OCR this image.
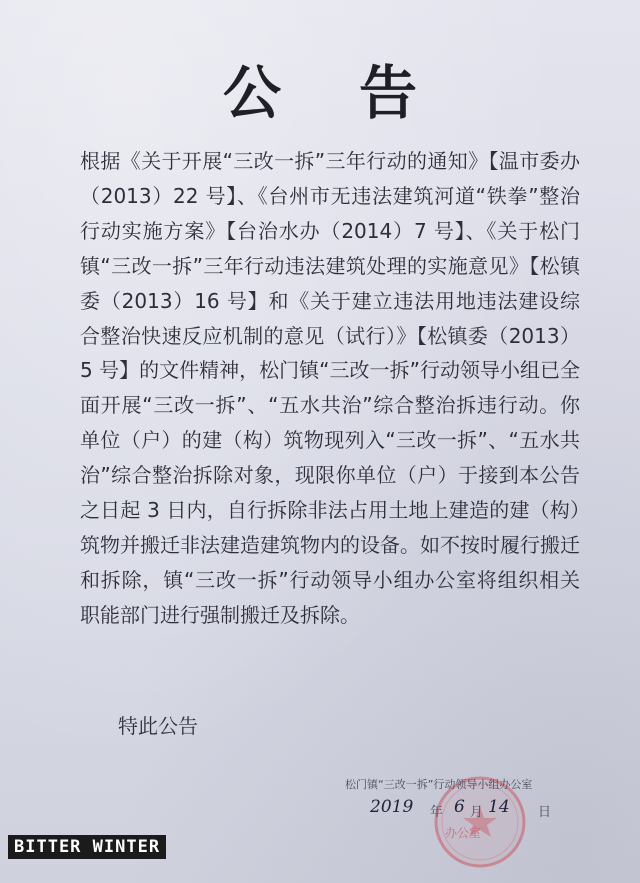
公告

根据《关于开展“三改一拆”三年行动的通知》【温市委办（2013）22 号】、《台州市无违法建筑河道“铁拳”整治行动实施方案》【台治水办（2014）7 号】、《关于松门镇“三改一拆”三年行动违法建筑处理的实施意见》【松镇委（2013）16 号】和《关于建立违法用地违法建设综合整治快速反应机制的意见（试行）》【松镇委（2013）5 号】的文件精神，松门镇“三改一拆”行动领导小组已全面开展“三改一拆”、“五水共治”综合整治拆违行动。你单位（户）的建（构）筑物现列入“三改一拆”、“五水共治”综合整治拆除对象，现限你单位（户）于接到本公告之日起 3 日内，自行拆除非法占用土地上建造的建（构）筑物并搬迁非法建造建筑物内的设备。如不按时履行搬迁和拆除，镇“三改一拆”行动领导小组办公室将组织相关职能部门进行强制搬迁及拆除。

特此公告
松门镇“三改一拆”行动领导小组办公室
2019 年 6 月 14 日
办公室
BITTER WINTER
